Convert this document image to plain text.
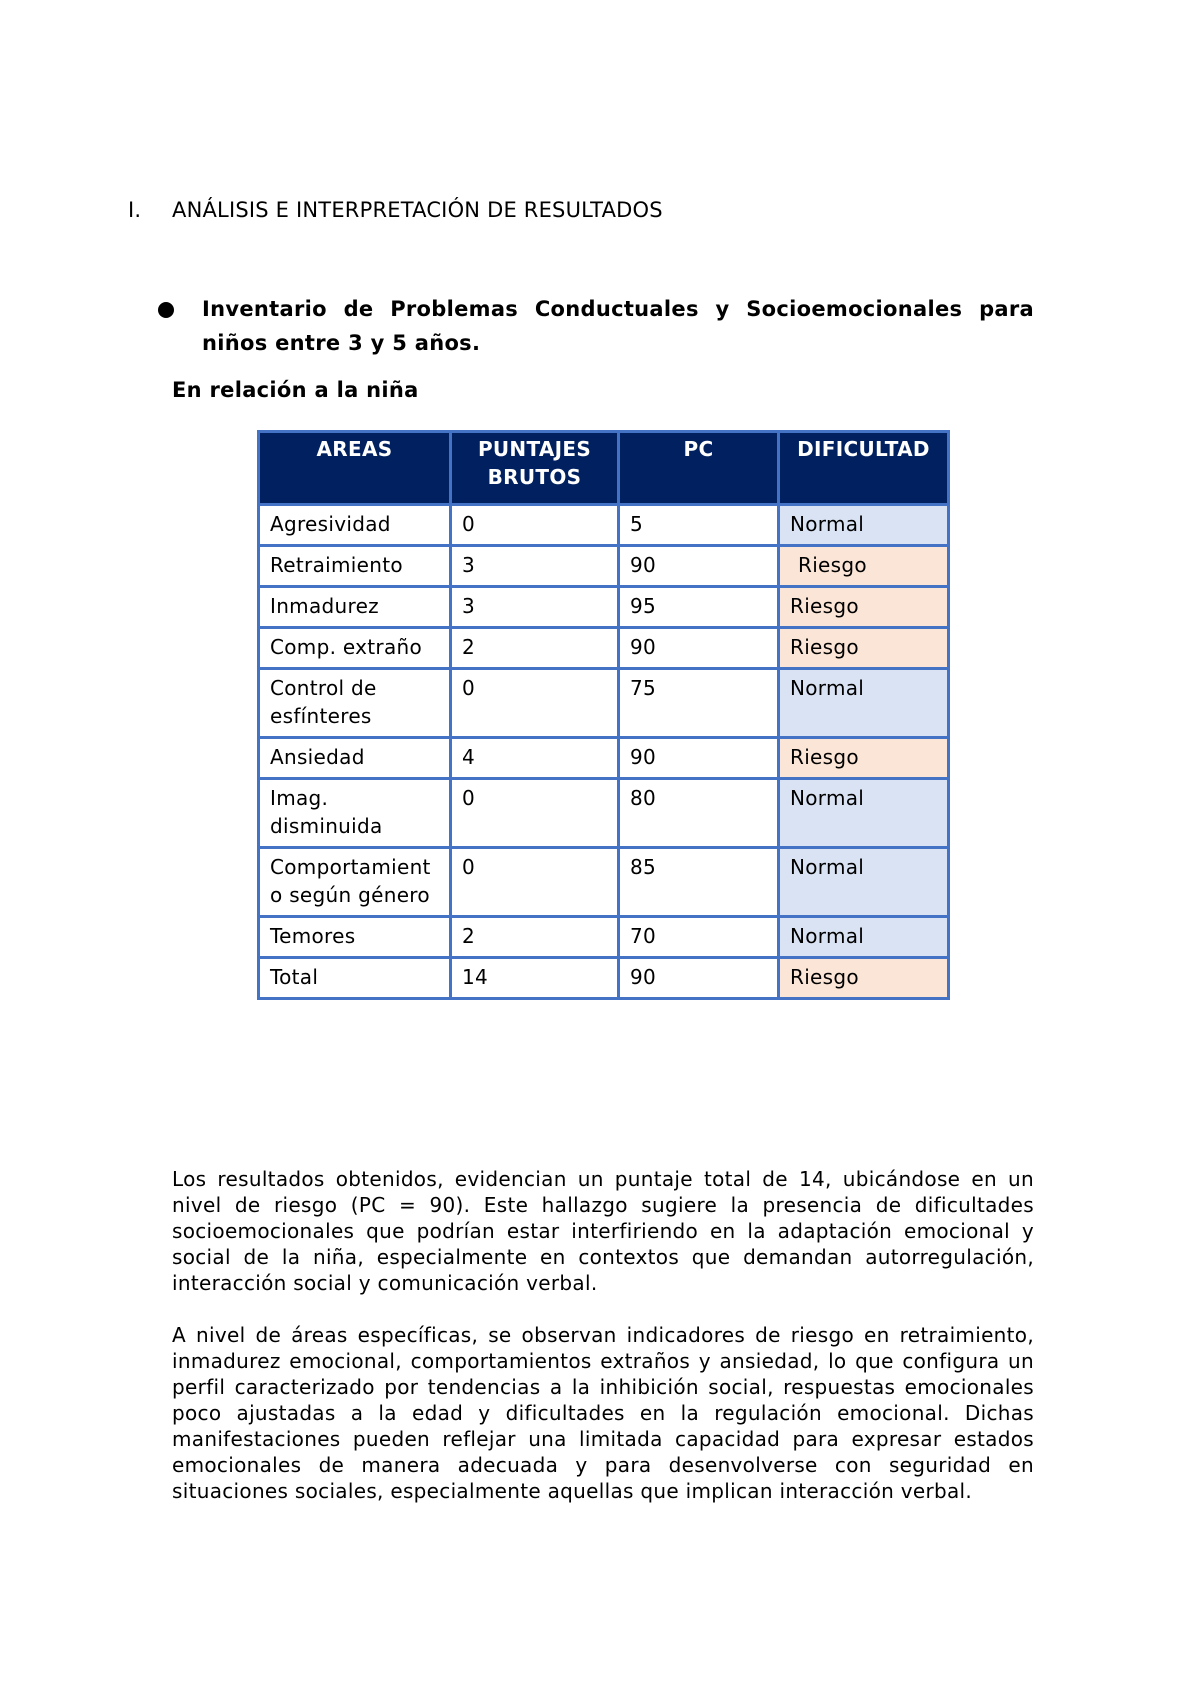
I. ANÁLISIS E INTERPRETACIÓN DE RESULTADOS
Inventario de Problemas Conductuales y Socioemocionales para niños entre 3 y 5 años.
En relación a la niña
AREAS	PUNTAJES BRUTOS	PC	DIFICULTAD
Agresividad	0	5	Normal
Retraimiento	3	90	Riesgo
Inmadurez	3	95	Riesgo
Comp. extraño	2	90	Riesgo
Control de esfínteres	0	75	Normal
Ansiedad	4	90	Riesgo
Imag. disminuida	0	80	Normal
Comportamiento según género	0	85	Normal
Temores	2	70	Normal
Total	14	90	Riesgo

Los resultados obtenidos, evidencian un puntaje total de 14, ubicándose en un nivel de riesgo (PC = 90). Este hallazgo sugiere la presencia de dificultades socioemocionales que podrían estar interfiriendo en la adaptación emocional y social de la niña, especialmente en contextos que demandan autorregulación, interacción social y comunicación verbal.

A nivel de áreas específicas, se observan indicadores de riesgo en retraimiento, inmadurez emocional, comportamientos extraños y ansiedad, lo que configura un perfil caracterizado por tendencias a la inhibición social, respuestas emocionales poco ajustadas a la edad y dificultades en la regulación emocional. Dichas manifestaciones pueden reflejar una limitada capacidad para expresar estados emocionales de manera adecuada y para desenvolverse con seguridad en situaciones sociales, especialmente aquellas que implican interacción verbal.
